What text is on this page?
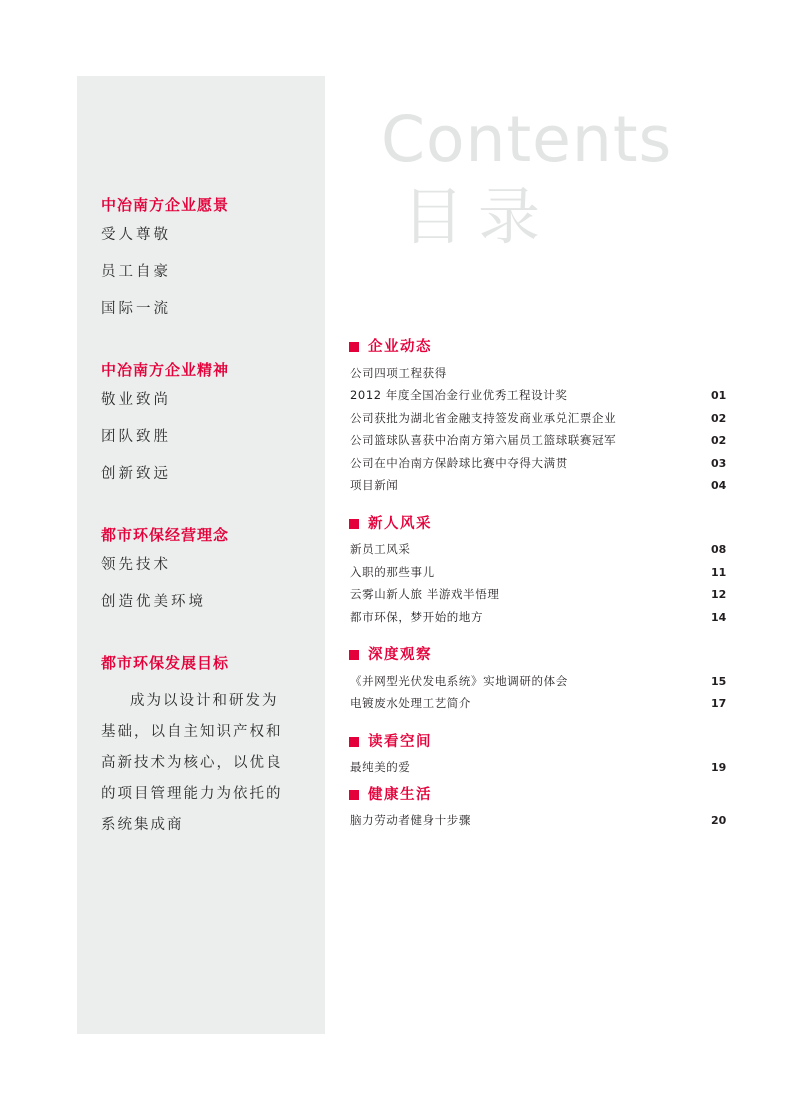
中冶南方企业愿景
受人尊敬
员工自豪
国际一流
中冶南方企业精神
敬业致尚
团队致胜
创新致远
都市环保经营理念
领先技术
创造优美环境
都市环保发展目标
成为以设计和研发为基础，以自主知识产权和高新技术为核心，以优良的项目管理能力为依托的系统集成商
Contents
目录
企业动态
公司四项工程获得
2012 年度全国冶金行业优秀工程设计奖	01
公司获批为湖北省金融支持签发商业承兑汇票企业	02
公司篮球队喜获中冶南方第六届员工篮球联赛冠军	02
公司在中冶南方保龄球比赛中夺得大满贯	03
项目新闻	04
新人风采
新员工风采	08
入职的那些事儿	11
云雾山新人旅 半游戏半悟理	12
都市环保，梦开始的地方	14
深度观察
《并网型光伏发电系统》实地调研的体会	15
电镀废水处理工艺简介	17
读看空间
最纯美的爱	19
健康生活
脑力劳动者健身十步骤	20
